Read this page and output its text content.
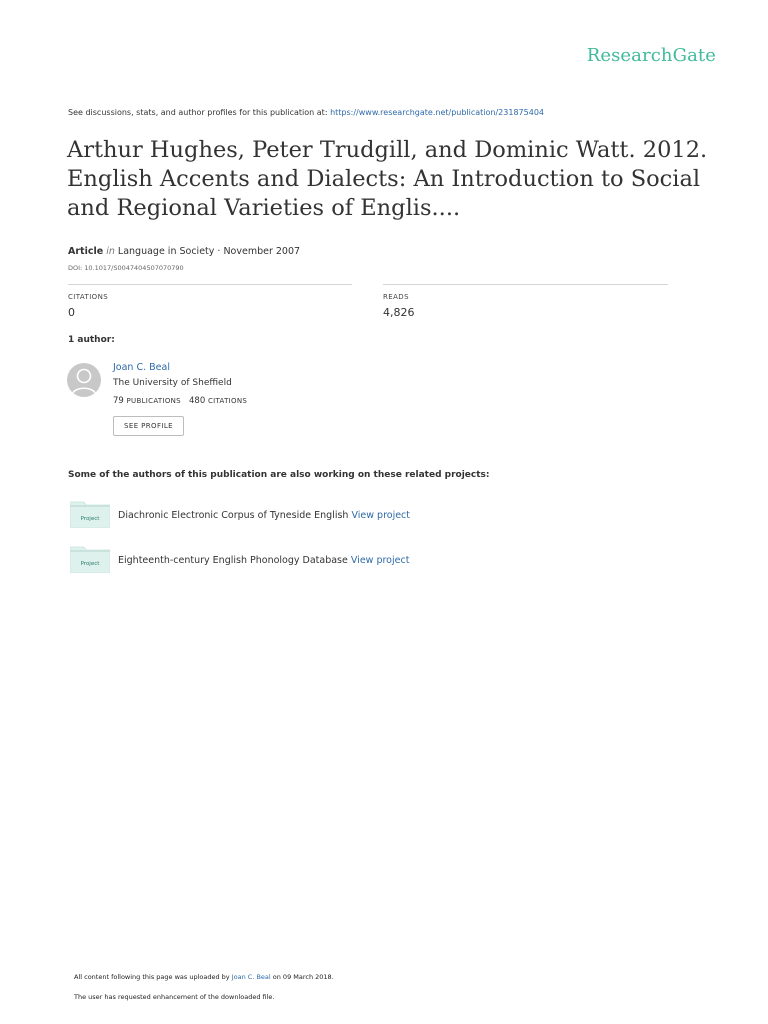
ResearchGate
See discussions, stats, and author profiles for this publication at: https://www.researchgate.net/publication/231875404
Arthur Hughes, Peter Trudgill, and Dominic Watt. 2012. English Accents and Dialects: An Introduction to Social and Regional Varieties of Englis....
Article in Language in Society · November 2007
DOI: 10.1017/S0047404507070790
CITATIONS
0
READS
4,826
1 author:
Joan C. Beal
The University of Sheffield
79 PUBLICATIONS 480 CITATIONS
SEE PROFILE
Some of the authors of this publication are also working on these related projects:
Project Diachronic Electronic Corpus of Tyneside English View project
Project Eighteenth-century English Phonology Database View project
All content following this page was uploaded by Joan C. Beal on 09 March 2018.
The user has requested enhancement of the downloaded file.
